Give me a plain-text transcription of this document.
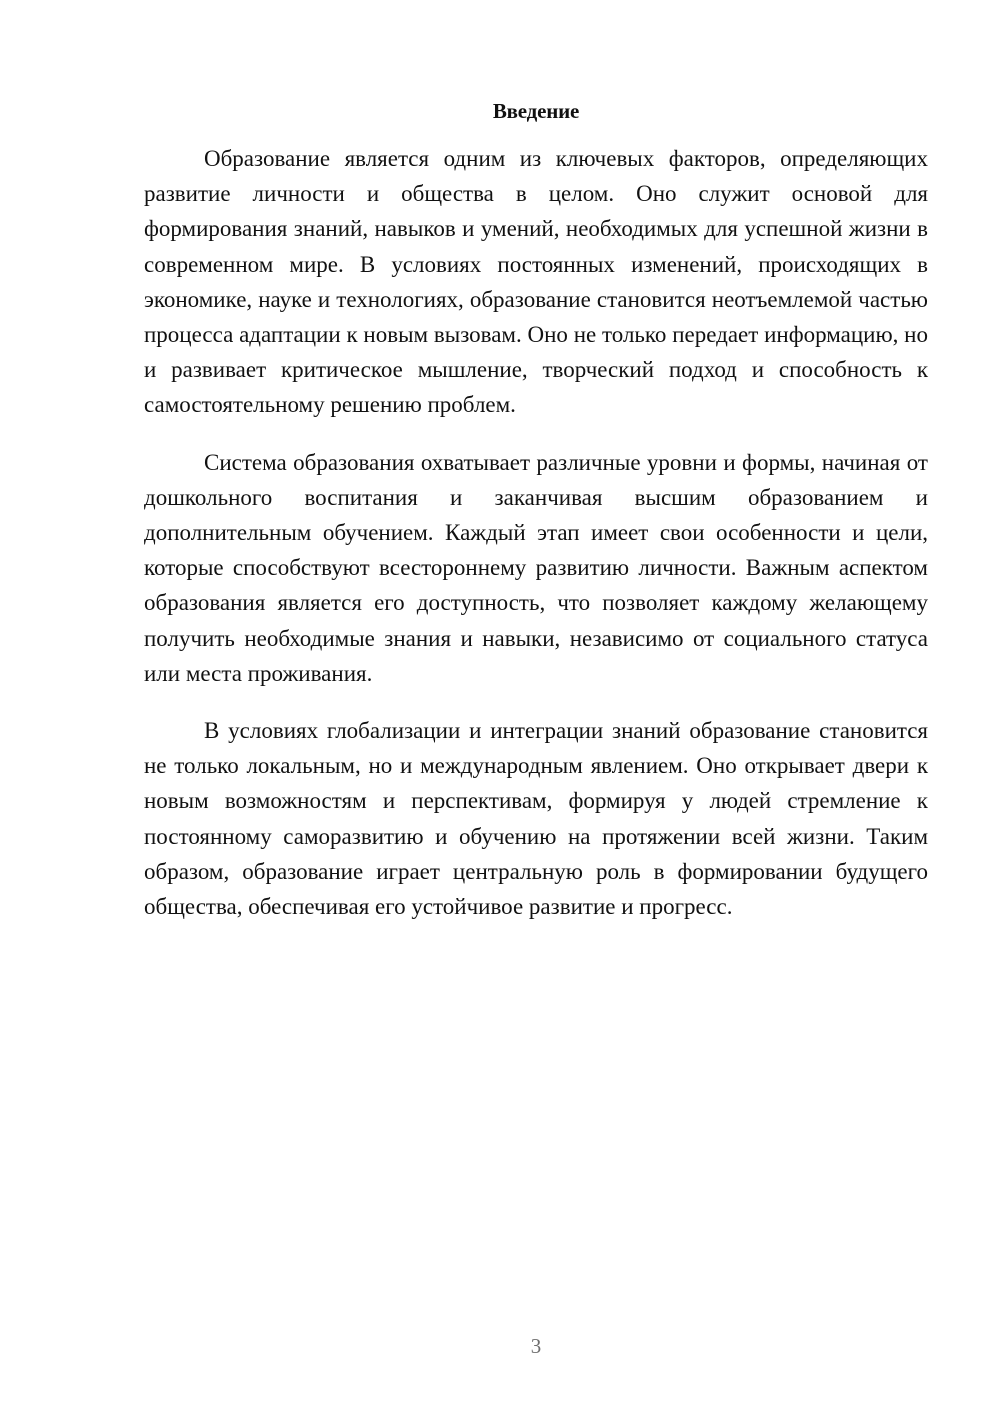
Введение

Образование является одним из ключевых факторов, определяющих развитие личности и общества в целом. Оно служит основой для формирования знаний, навыков и умений, необходимых для успешной жизни в современном мире. В условиях постоянных изменений, происходящих в экономике, науке и технологиях, образование становится неотъемлемой частью процесса адаптации к новым вызовам. Оно не только передает информацию, но и развивает критическое мышление, творческий подход и способность к самостоятельному решению проблем.

Система образования охватывает различные уровни и формы, начиная от дошкольного воспитания и заканчивая высшим образованием и дополнительным обучением. Каждый этап имеет свои особенности и цели, которые способствуют всестороннему развитию личности. Важным аспектом образования является его доступность, что позволяет каждому желающему получить необходимые знания и навыки, независимо от социального статуса или места проживания.

В условиях глобализации и интеграции знаний образование становится не только локальным, но и международным явлением. Оно открывает двери к новым возможностям и перспективам, формируя у людей стремление к постоянному саморазвитию и обучению на протяжении всей жизни. Таким образом, образование играет центральную роль в формировании будущего общества, обеспечивая его устойчивое развитие и прогресс.

3
